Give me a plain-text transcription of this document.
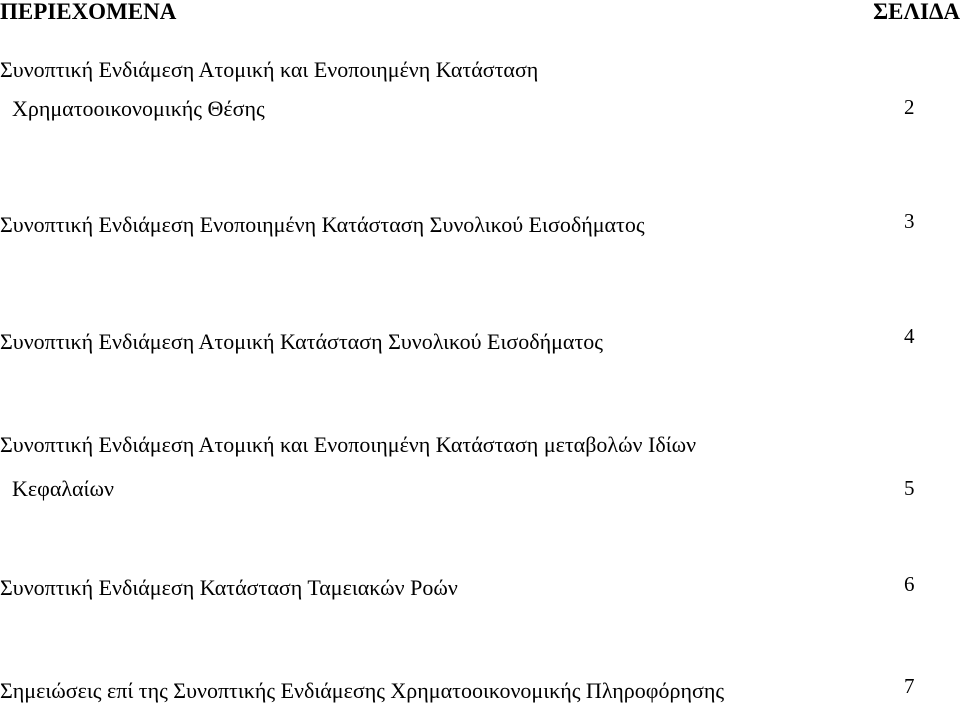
ΠΕΡΙΕΧΟΜΕΝΑ	ΣΕΛΙΔΑ
Συνοπτική Ενδιάμεση Ατομική και Ενοποιημένη Κατάσταση
Χρηματοοικονομικής Θέσης	2
Συνοπτική Ενδιάμεση Ενοποιημένη Κατάσταση Συνολικού Εισοδήματος	3
Συνοπτική Ενδιάμεση Ατομική Κατάσταση Συνολικού Εισοδήματος	4
Συνοπτική Ενδιάμεση Ατομική και Ενοποιημένη Κατάσταση μεταβολών Ιδίων
Κεφαλαίων	5
Συνοπτική Ενδιάμεση Κατάσταση Ταμειακών Ροών	6
Σημειώσεις επί της Συνοπτικής Ενδιάμεσης Χρηματοοικονομικής Πληροφόρησης	7
